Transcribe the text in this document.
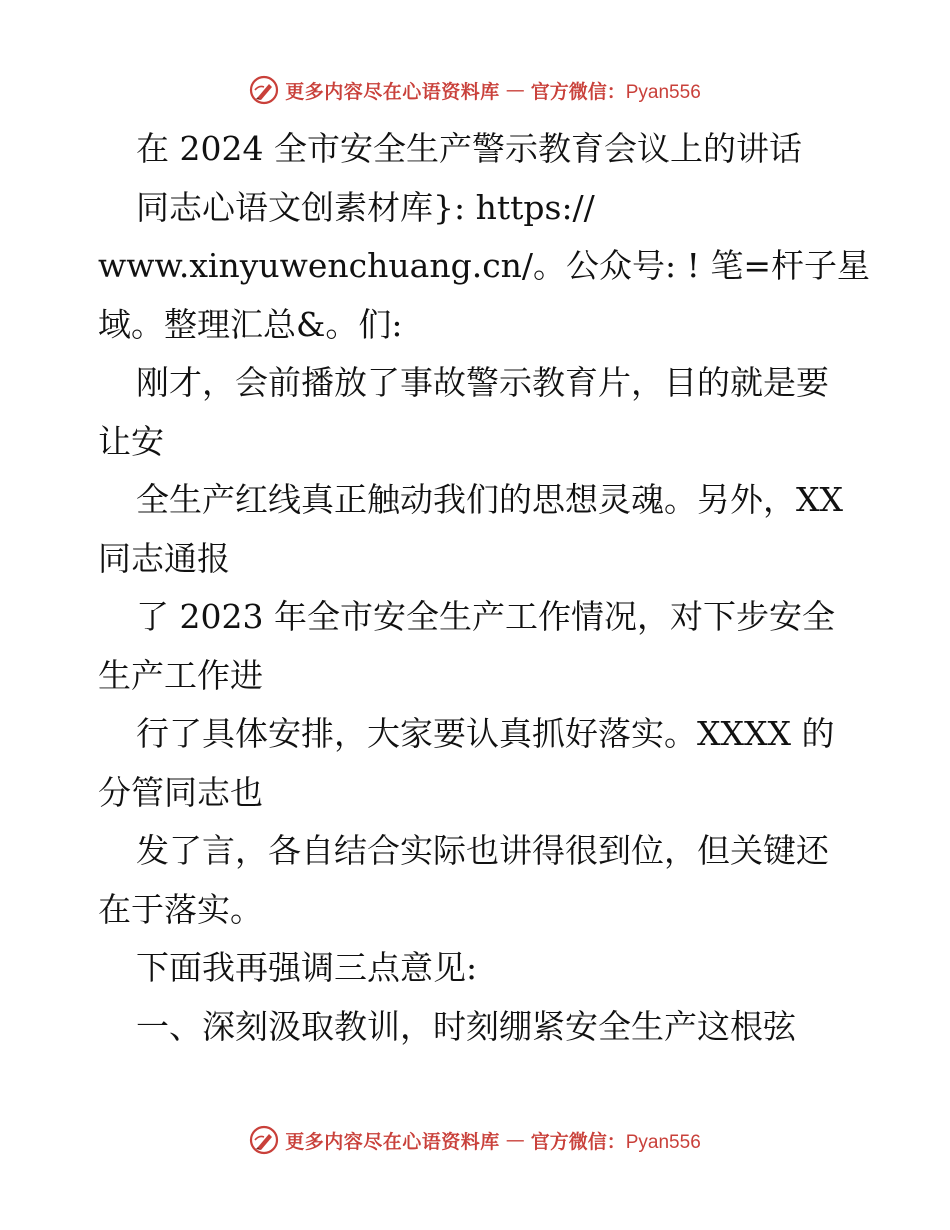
更多内容尽在心语资料库 — 官方微信：Pyan556
在 2024 全市安全生产警示教育会议上的讲话
同志心语文创素材库}: https://
www.xinyuwenchuang.cn/。公众号: ! 笔=杆子星
域。整理汇总&。们:
刚才，会前播放了事故警示教育片，目的就是要
让安
全生产红线真正触动我们的思想灵魂。另外，XX
同志通报
了 2023 年全市安全生产工作情况，对下步安全
生产工作进
行了具体安排，大家要认真抓好落实。XXXX 的
分管同志也
发了言，各自结合实际也讲得很到位，但关键还
在于落实。
下面我再强调三点意见:
一、深刻汲取教训，时刻绷紧安全生产这根弦
更多内容尽在心语资料库 — 官方微信：Pyan556
